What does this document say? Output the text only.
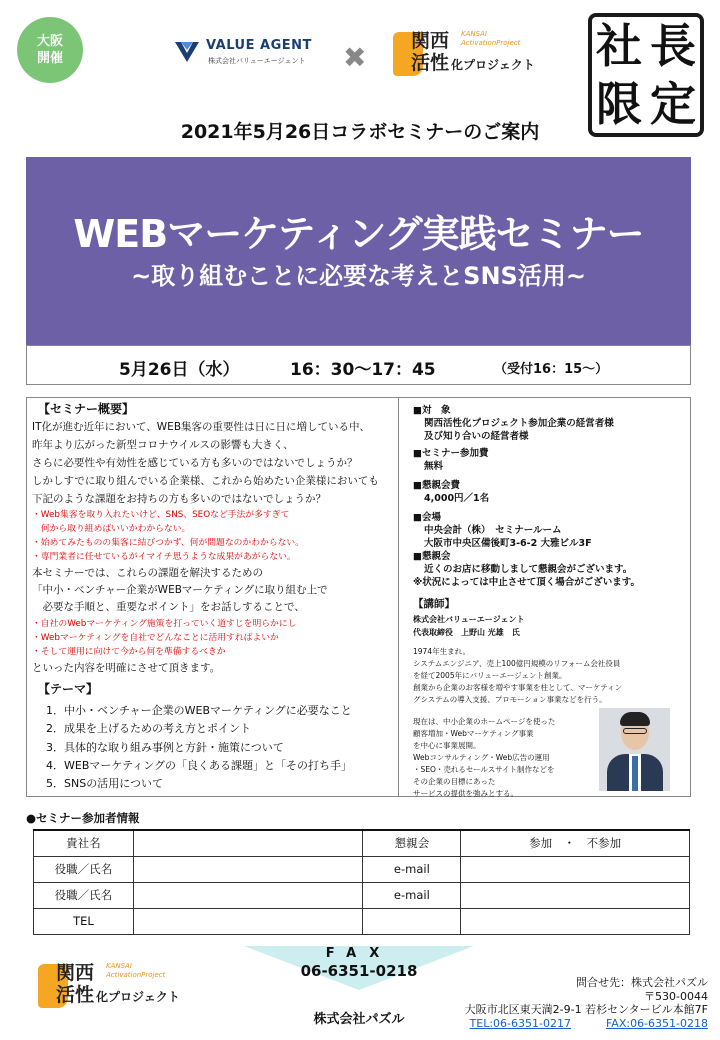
大阪
開催
VALUE AGENT
株式会社バリューエージェント ✖ 関西
活性
KANSAI
ActivationProject
化プロジェクト 社 長
限 定
2021年5月26日コラボセミナーのご案内
WEBマーケティング実践セミナー
~取り組むことに必要な考えとSNS活用~
5月26日（水）	16：30～17：45	（受付16：15～）
【セミナー概要】
IT化が進む近年において、WEB集客の重要性は日に日に増している中、
昨年より広がった新型コロナウイルスの影響も大きく、
さらに必要性や有効性を感じている方も多いのではないでしょうか？
しかしすでに取り組んでいる企業様、これから始めたい企業様においても
下記のような課題をお持ちの方も多いのではないでしょうか？
・Web集客を取り入れたいけど、SNS、SEOなど手法が多すぎて
　何から取り組めばいいかわからない。
・始めてみたものの集客に結びつかず、何が問題なのかわからない。
・専門業者に任せているがイマイチ思うような成果があがらない。
本セミナーでは、これらの課題を解決するための
「中小・ベンチャー企業がWEBマーケティングに取り組む上で
　必要な手順と、重要なポイント」をお話しすることで、
・自社のWebマーケティング施策を打っていく道すじを明らかにし
・Webマーケティングを自社でどんなことに活用すればよいか
・そして運用に向けて今から何を準備するべきか
といった内容を明確にさせて頂きます。
【テーマ】
1．中小・ベンチャー企業のWEBマーケティングに必要なこと
2．成果を上げるための考え方とポイント
3．具体的な取り組み事例と方針・施策について
4．WEBマーケティングの「良くある課題」と「その打ち手」
5．SNSの活用について
■対　象
関西活性化プロジェクト参加企業の経営者様
及び知り合いの経営者様
■セミナー参加費
無料
■懇親会費
4,000円／1名
■会場
中央会計（株）　セミナールーム
大阪市中央区備後町3-6-2 大雅ビル3F
■懇親会
近くのお店に移動しまして懇親会がございます。
※状況によっては中止させて頂く場合がございます。
【講師】
株式会社バリューエージェント
代表取締役　上野山 光雄　氏
1974年生まれ。
システムエンジニア、売上100億円規模のリフォーム会社役員
を経て2005年にバリューエージェント創業。
創業から企業のお客様を増やす事業を柱として、マーケティン
グシステムの導入支援、プロモーション事業などを行う。
現在は、中小企業のホームページを使った
顧客増加・Webマーケティング事業
を中心に事業展開。
Webコンサルティング・Web広告の運用
・SEO・売れるセールスサイト制作などを
その企業の目標にあった
サービスの提供を強みとする。
●セミナー参加者情報
貴社名		懇親会	参加　・　不参加
役職／氏名		e-mail	
役職／氏名		e-mail	
TEL			
関西
活性
KANSAI
ActivationProject
化プロジェクト
FAX
06-6351-0218
株式会社パズル
問合せ先：株式会社パズル
〒530-0044
大阪市北区東天満2-9-1 若杉センタービル本館7F
TEL:06-6351-0217	FAX:06-6351-0218
